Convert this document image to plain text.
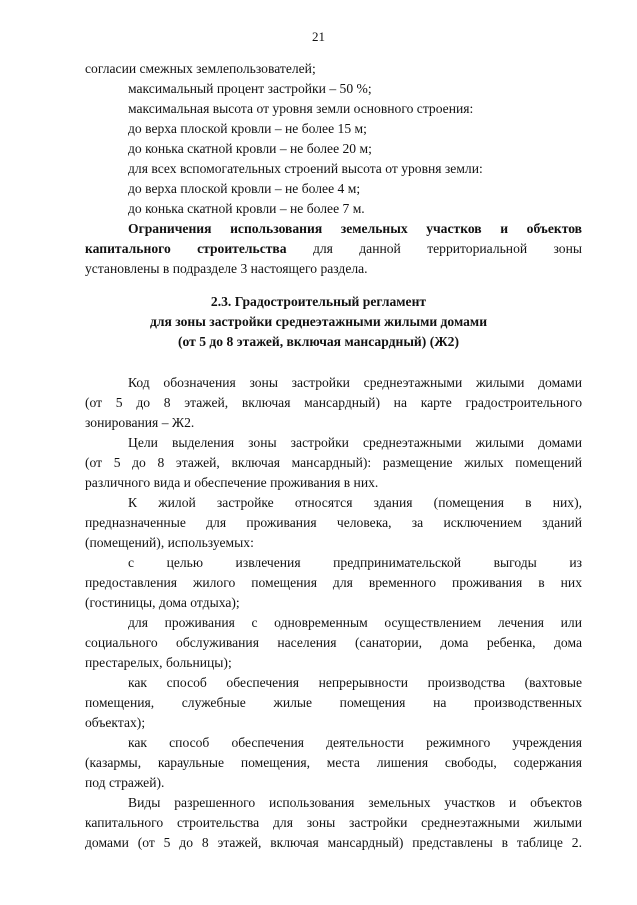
21
согласии смежных землепользователей;
максимальный процент застройки – 50 %;
максимальная высота от уровня земли основного строения:
до верха плоской кровли – не более 15 м;
до конька скатной кровли – не более 20 м;
для всех вспомогательных строений высота от уровня земли:
до верха плоской кровли – не более 4 м;
до конька скатной кровли – не более 7 м.
Ограничения использования земельных участков и объектов
капитального строительства для данной территориальной зоны
установлены в подразделе 3 настоящего раздела.
2.3. Градостроительный регламент
для зоны застройки среднеэтажными жилыми домами
(от 5 до 8 этажей, включая мансардный) (Ж2)
Код обозначения зоны застройки среднеэтажными жилыми домами
(от 5 до 8 этажей, включая мансардный) на карте градостроительного
зонирования – Ж2.
Цели выделения зоны застройки среднеэтажными жилыми домами
(от 5 до 8 этажей, включая мансардный): размещение жилых помещений
различного вида и обеспечение проживания в них.
К жилой застройке относятся здания (помещения в них),
предназначенные для проживания человека, за исключением зданий
(помещений), используемых:
с целью извлечения предпринимательской выгоды из
предоставления жилого помещения для временного проживания в них
(гостиницы, дома отдыха);
для проживания с одновременным осуществлением лечения или
социального обслуживания населения (санатории, дома ребенка, дома
престарелых, больницы);
как способ обеспечения непрерывности производства (вахтовые
помещения, служебные жилые помещения на производственных
объектах);
как способ обеспечения деятельности режимного учреждения
(казармы, караульные помещения, места лишения свободы, содержания
под стражей).
Виды разрешенного использования земельных участков и объектов
капитального строительства для зоны застройки среднеэтажными жилыми
домами (от 5 до 8 этажей, включая мансардный) представлены в таблице 2.
